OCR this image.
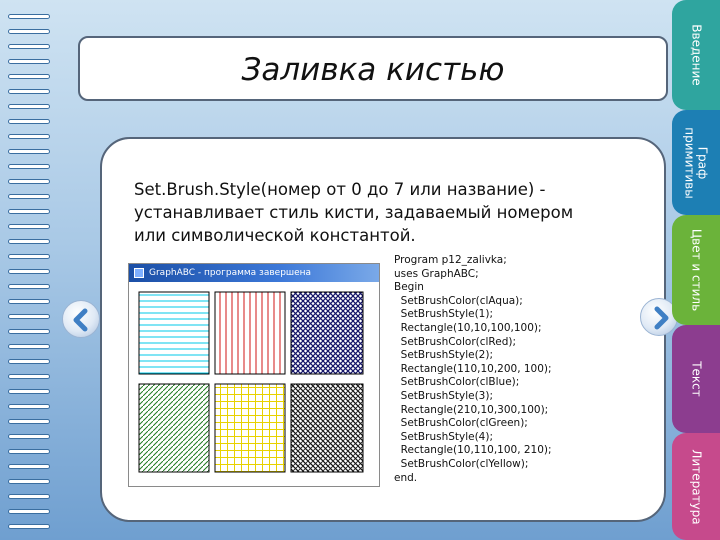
Заливка кистью
Set.Brush.Style(номер от 0 до 7 или название) - устанавливает стиль кисти, задаваемый номером или символической константой.
GraphABC - программа завершена
Program p12_zalivka;
uses GraphABC;
Begin
SetBrushColor(clAqua);
SetBrushStyle(1);
Rectangle(10,10,100,100);
SetBrushColor(clRed);
SetBrushStyle(2);
Rectangle(110,10,200, 100);
SetBrushColor(clBlue);
SetBrushStyle(3);
Rectangle(210,10,300,100);
SetBrushColor(clGreen);
SetBrushStyle(4);
Rectangle(10,110,100, 210);
SetBrushColor(clYellow);
end.
Введение
Граф примитивы
Цвет и стиль
Текст
Литература
